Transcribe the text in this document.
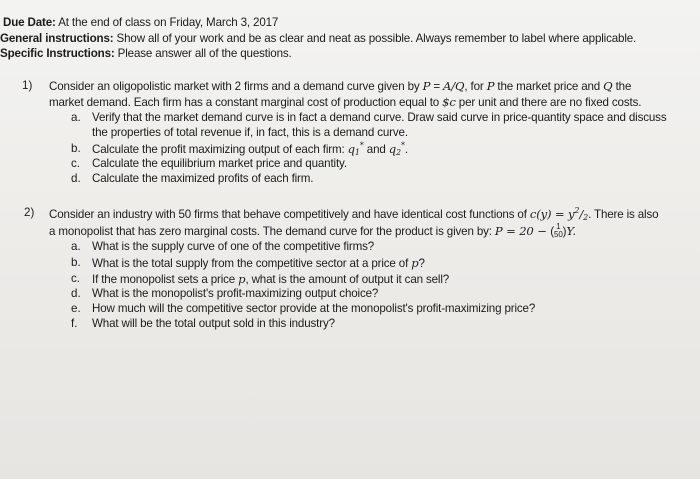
Due Date: At the end of class on Friday, March 3, 2017
General instructions: Show all of your work and be as clear and neat as possible. Always remember to label where applicable.
Specific Instructions: Please answer all of the questions.
1) Consider an oligopolistic market with 2 firms and a demand curve given by P = A/Q, for P the market price and Q the
market demand. Each firm has a constant marginal cost of production equal to $c per unit and there are no fixed costs.
a. Verify that the market demand curve is in fact a demand curve. Draw said curve in price-quantity space and discuss
the properties of total revenue if, in fact, this is a demand curve.
b. Calculate the profit maximizing output of each firm: $q_1^*$ and $q_2^*$.
c. Calculate the equilibrium market price and quantity.
d. Calculate the maximized profits of each firm.
2) Consider an industry with 50 firms that behave competitively and have identical cost functions of $c(y) = y^2/_2$. There is also
a monopolist that has zero marginal costs. The demand curve for the product is given by: P = 20 − ( 1
50)Y.
a. What is the supply curve of one of the competitive firms?
b. What is the total supply from the competitive sector at a price of p?
c. If the monopolist sets a price p, what is the amount of output it can sell?
d. What is the monopolist's profit-maximizing output choice?
e. How much will the competitive sector provide at the monopolist's profit-maximizing price?
f. What will be the total output sold in this industry?
